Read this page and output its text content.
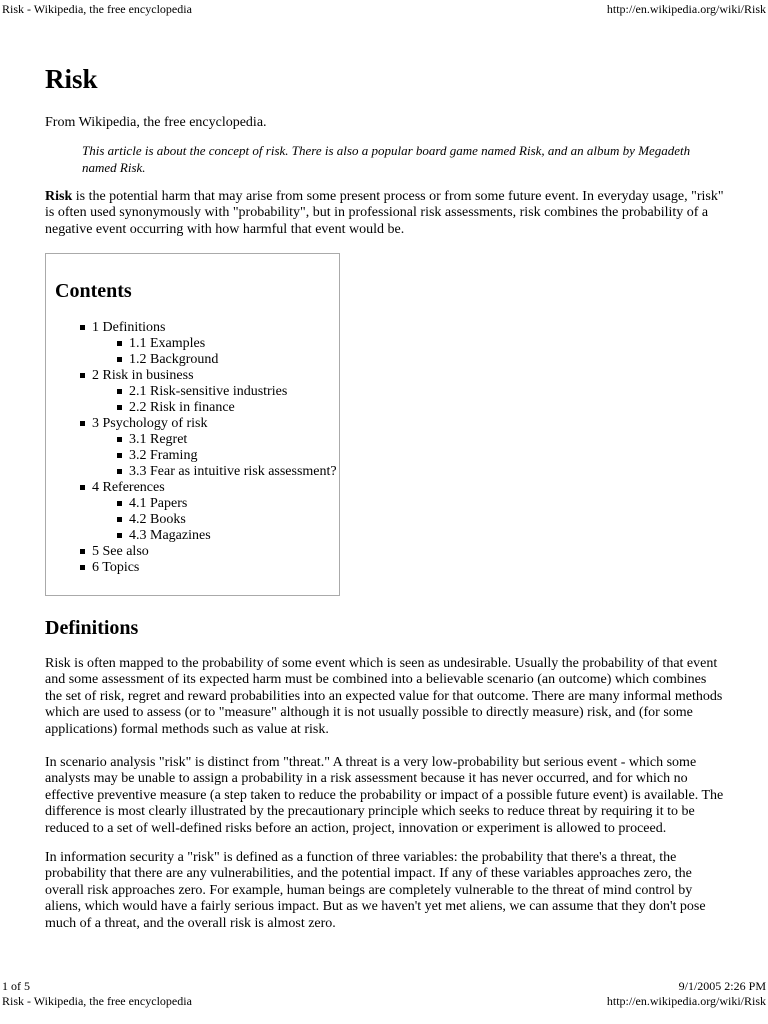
Risk - Wikipedia, the free encyclopedia	http://en.wikipedia.org/wiki/Risk
Risk
From Wikipedia, the free encyclopedia.
This article is about the concept of risk. There is also a popular board game named Risk, and an album by Megadeth named Risk.

Risk is the potential harm that may arise from some present process or from some future event. In everyday usage, "risk" is often used synonymously with "probability", but in professional risk assessments, risk combines the probability of a negative event occurring with how harmful that event would be.

Contents
1 Definitions
1.1 Examples
1.2 Background
2 Risk in business
2.1 Risk-sensitive industries
2.2 Risk in finance
3 Psychology of risk
3.1 Regret
3.2 Framing
3.3 Fear as intuitive risk assessment?
4 References
4.1 Papers
4.2 Books
4.3 Magazines
5 See also
6 Topics
Definitions

Risk is often mapped to the probability of some event which is seen as undesirable. Usually the probability of that event and some assessment of its expected harm must be combined into a believable scenario (an outcome) which combines the set of risk, regret and reward probabilities into an expected value for that outcome. There are many informal methods which are used to assess (or to "measure" although it is not usually possible to directly measure) risk, and (for some applications) formal methods such as value at risk.

In scenario analysis "risk" is distinct from "threat." A threat is a very low-probability but serious event - which some analysts may be unable to assign a probability in a risk assessment because it has never occurred, and for which no effective preventive measure (a step taken to reduce the probability or impact of a possible future event) is available. The difference is most clearly illustrated by the precautionary principle which seeks to reduce threat by requiring it to be reduced to a set of well-defined risks before an action, project, innovation or experiment is allowed to proceed.

In information security a "risk" is defined as a function of three variables: the probability that there's a threat, the probability that there are any vulnerabilities, and the potential impact. If any of these variables approaches zero, the overall risk approaches zero. For example, human beings are completely vulnerable to the threat of mind control by aliens, which would have a fairly serious impact. But as we haven't yet met aliens, we can assume that they don't pose much of a threat, and the overall risk is almost zero.

1 of 5	9/1/2005 2:26 PM
Risk - Wikipedia, the free encyclopedia	http://en.wikipedia.org/wiki/Risk
